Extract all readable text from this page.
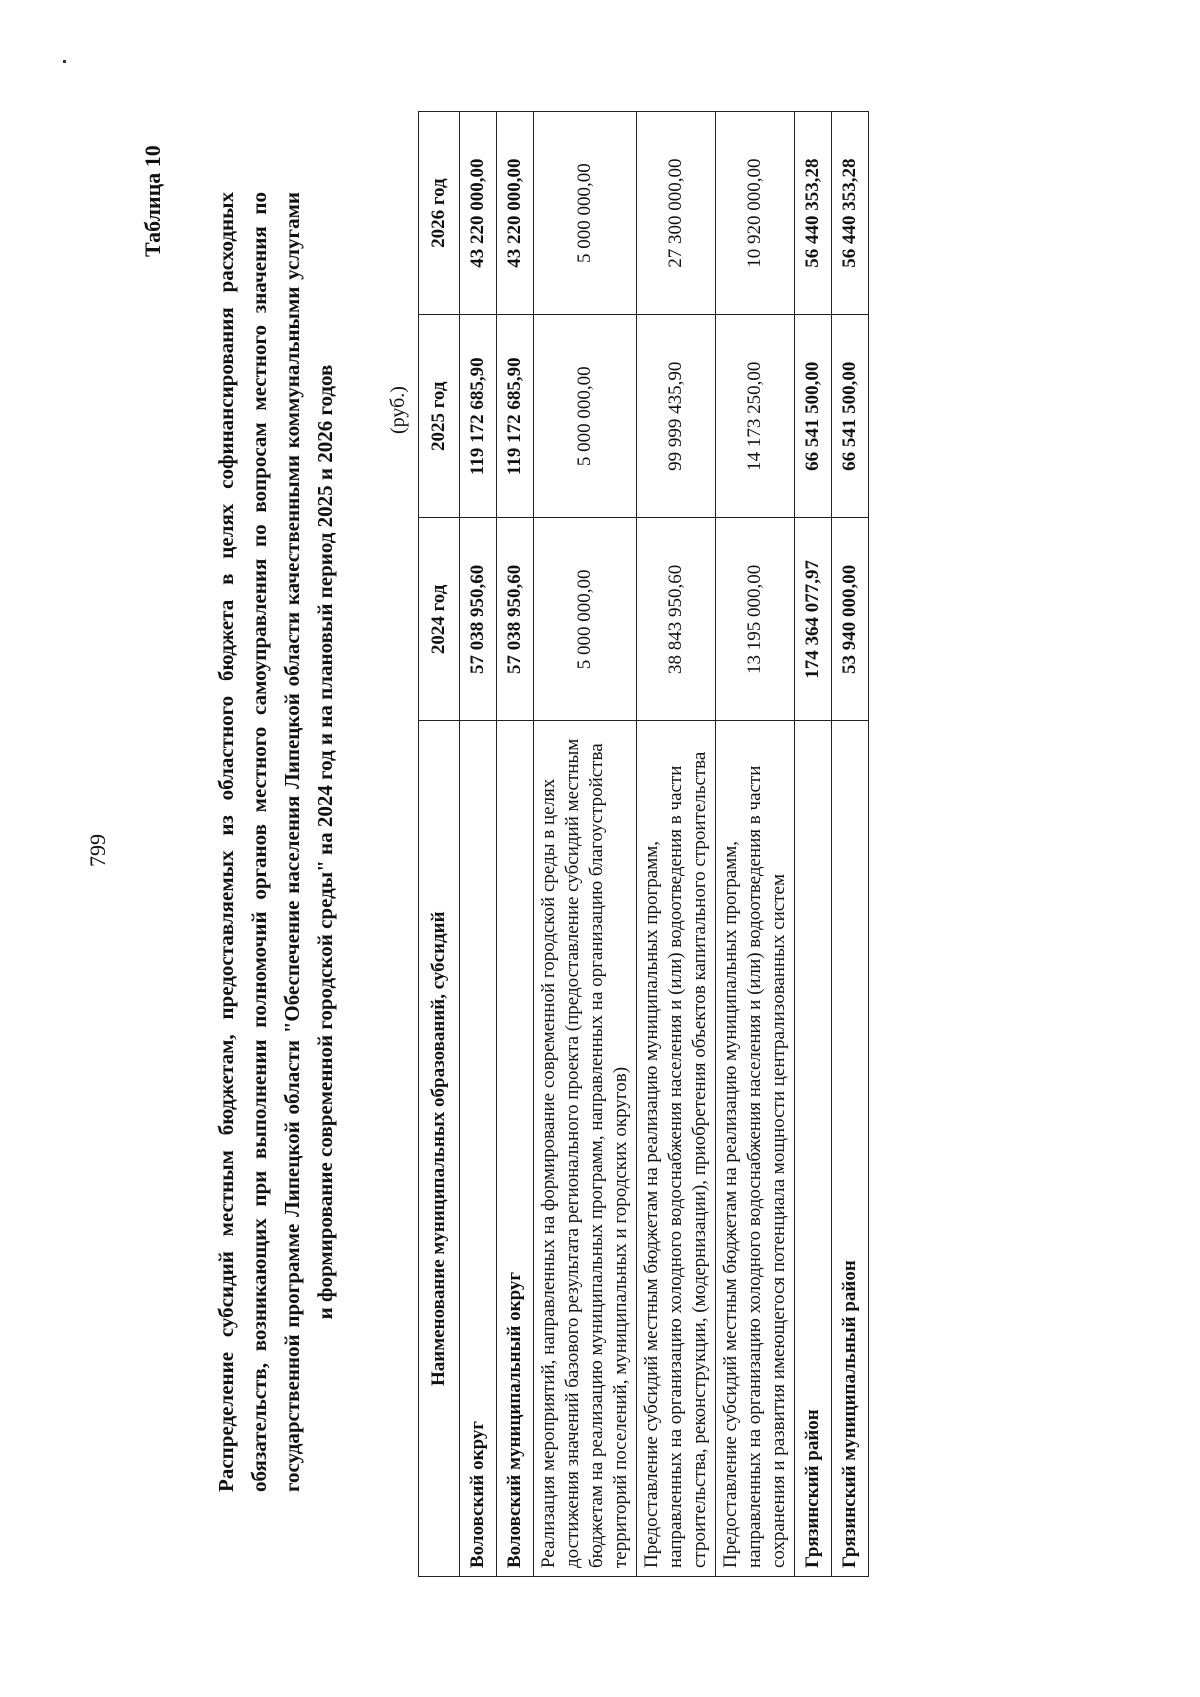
799
Таблица 10 Распределение субсидий местным бюджетам, предоставляемых из областного бюджета в целях софинансирования расходных обязательств, возникающих при выполнении полномочий органов местного самоуправления по вопросам местного значения по государственной программе Липецкой области "Обеспечение населения Липецкой области качественными коммунальными услугами и формирование современной городской среды" на 2024 год и на плановый период 2025 и 2026 годов	(руб.)
Наименование муниципальных образований, субсидий	2024 год	2025 год	2026 год
Воловский округ	57 038 950,60	119 172 685,90	43 220 000,00
Воловский муниципальный округ	57 038 950,60	119 172 685,90	43 220 000,00
Реализация мероприятий, направленных на формирование современной городской среды в целях достижения значений базового результата регионального проекта (предоставление субсидий местным бюджетам на реализацию муниципальных программ, направленных на организацию благоустройства территорий поселений, муниципальных и городских округов)	5 000 000,00	5 000 000,00	5 000 000,00
Предоставление субсидий местным бюджетам на реализацию муниципальных программ, направленных на организацию холодного водоснабжения населения и (или) водоотведения в части строительства, реконструкции, (модернизации), приобретения объектов капитального строительства	38 843 950,60	99 999 435,90	27 300 000,00
Предоставление субсидий местным бюджетам на реализацию муниципальных программ, направленных на организацию холодного водоснабжения населения и (или) водоотведения в части сохранения и развития имеющегося потенциала мощности централизованных систем	13 195 000,00	14 173 250,00	10 920 000,00
Грязинский район	174 364 077,97	66 541 500,00	56 440 353,28
Грязинский муниципальный район	53 940 000,00	66 541 500,00	56 440 353,28
